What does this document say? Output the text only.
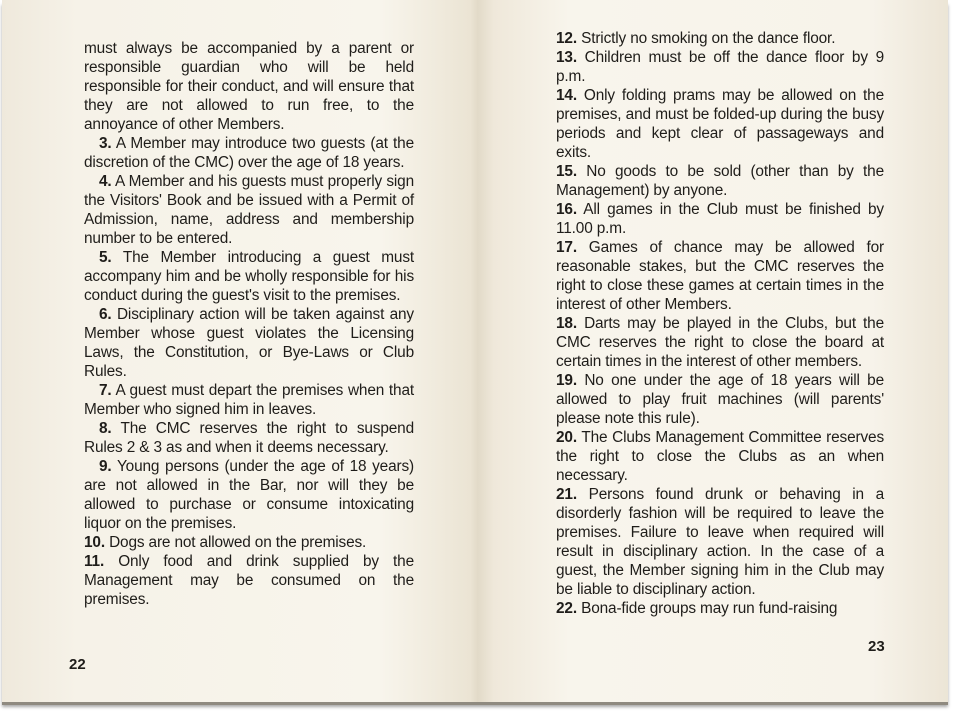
must always be accompanied by a parent or responsible guardian who will be held responsible for their conduct, and will ensure that they are not allowed to run free, to the annoyance of other Members.

3. A Member may introduce two guests (at the discretion of the CMC) over the age of 18 years.

4. A Member and his guests must properly sign the Visitors' Book and be issued with a Permit of Admission, name, address and membership number to be entered.

5. The Member introducing a guest must accompany him and be wholly responsible for his conduct during the guest's visit to the premises.

6. Disciplinary action will be taken against any Member whose guest violates the Licensing Laws, the Constitution, or Bye-Laws or Club Rules.

7. A guest must depart the premises when that Member who signed him in leaves.

8. The CMC reserves the right to suspend Rules 2 & 3 as and when it deems necessary.

9. Young persons (under the age of 18 years) are not allowed in the Bar, nor will they be allowed to purchase or consume intoxicating liquor on the premises.

10. Dogs are not allowed on the premises.

11. Only food and drink supplied by the Management may be consumed on the premises.

22

12. Strictly no smoking on the dance floor.

13. Children must be off the dance floor by 9 p.m.

14. Only folding prams may be allowed on the premises, and must be folded-up during the busy periods and kept clear of passageways and exits.

15. No goods to be sold (other than by the Management) by anyone.

16. All games in the Club must be finished by 11.00 p.m.

17. Games of chance may be allowed for reasonable stakes, but the CMC reserves the right to close these games at certain times in the interest of other Members.

18. Darts may be played in the Clubs, but the CMC reserves the right to close the board at certain times in the interest of other members.

19. No one under the age of 18 years will be allowed to play fruit machines (will parents' please note this rule).

20. The Clubs Management Committee reserves the right to close the Clubs as an when necessary.

21. Persons found drunk or behaving in a disorderly fashion will be required to leave the premises. Failure to leave when required will result in disciplinary action. In the case of a guest, the Member signing him in the Club may be liable to disciplinary action.

22. Bona-fide groups may run fund-raising

23
